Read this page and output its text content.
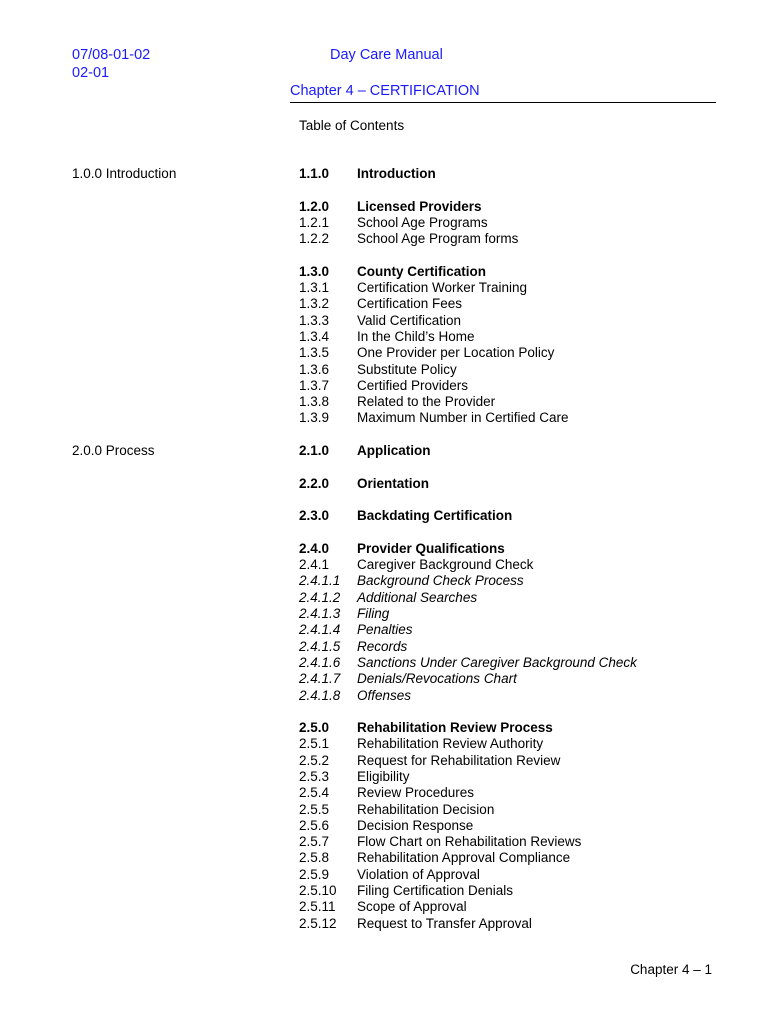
07/08-01-02
02-01
Day Care Manual
Chapter 4 – CERTIFICATION
Table of Contents
1.0.0 Introduction	1.1.0 Introduction
1.2.0 Licensed Providers
1.2.1 School Age Programs
1.2.2 School Age Program forms
1.3.0 County Certification
1.3.1 Certification Worker Training
1.3.2 Certification Fees
1.3.3 Valid Certification
1.3.4 In the Child’s Home
1.3.5 One Provider per Location Policy
1.3.6 Substitute Policy
1.3.7 Certified Providers
1.3.8 Related to the Provider
1.3.9 Maximum Number in Certified Care
2.0.0 Process	2.1.0 Application
2.2.0 Orientation
2.3.0 Backdating Certification
2.4.0 Provider Qualifications
2.4.1 Caregiver Background Check
2.4.1.1 Background Check Process
2.4.1.2 Additional Searches
2.4.1.3 Filing
2.4.1.4 Penalties
2.4.1.5 Records
2.4.1.6 Sanctions Under Caregiver Background Check
2.4.1.7 Denials/Revocations Chart
2.4.1.8 Offenses
2.5.0 Rehabilitation Review Process
2.5.1 Rehabilitation Review Authority
2.5.2 Request for Rehabilitation Review
2.5.3 Eligibility
2.5.4 Review Procedures
2.5.5 Rehabilitation Decision
2.5.6 Decision Response
2.5.7 Flow Chart on Rehabilitation Reviews
2.5.8 Rehabilitation Approval Compliance
2.5.9 Violation of Approval
2.5.10 Filing Certification Denials
2.5.11 Scope of Approval
2.5.12 Request to Transfer Approval
Chapter 4 – 1
